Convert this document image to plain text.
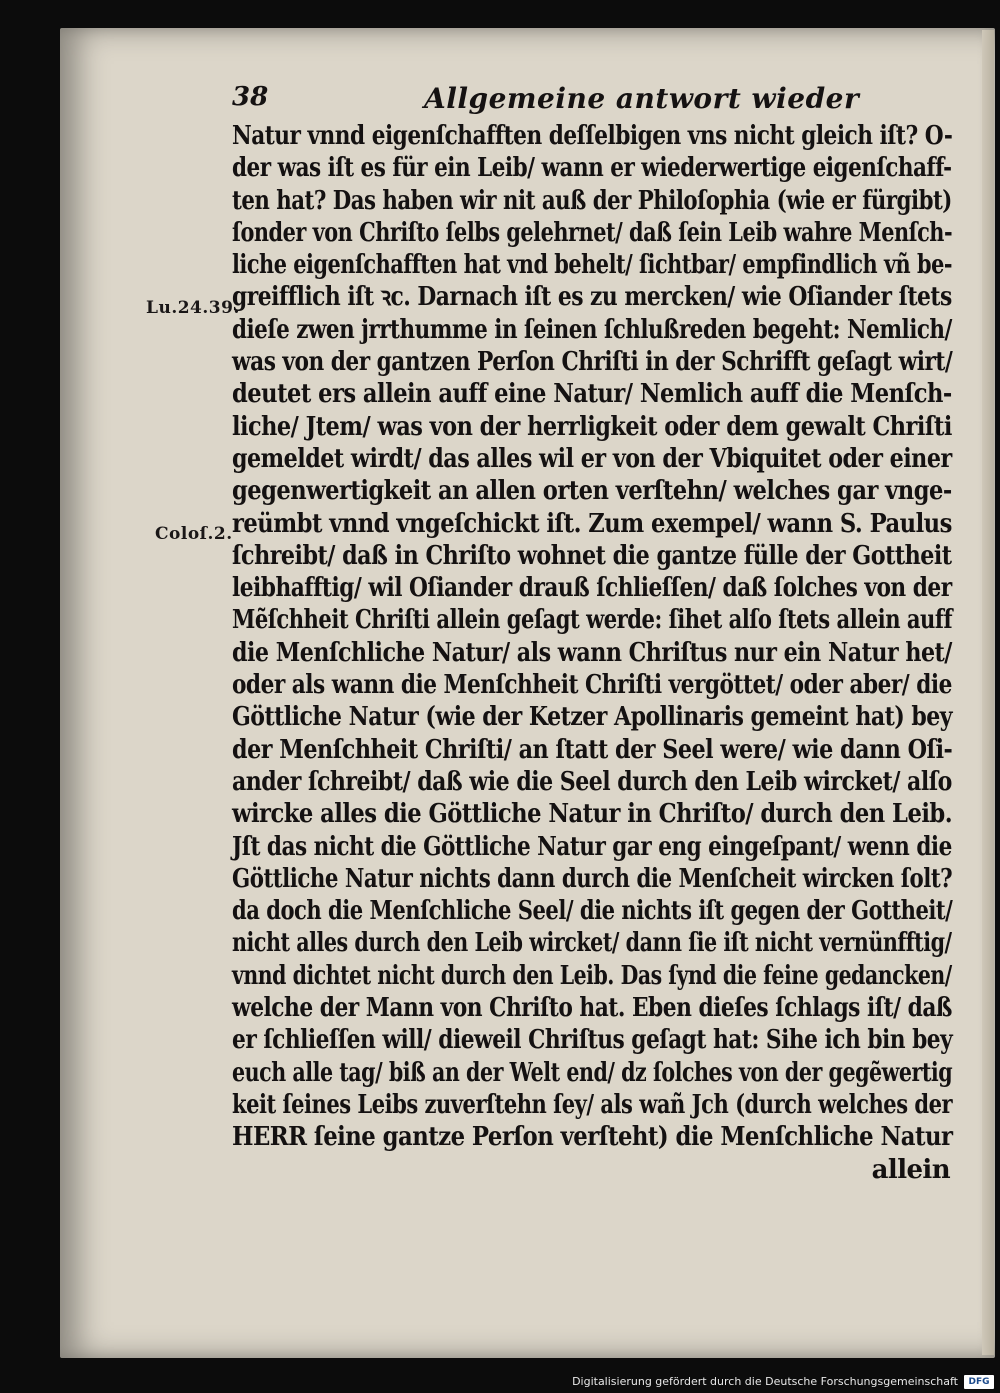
38	Allgemeine antwort wieder
Lu.24.39.
Coloſ.2.
Natur vnnd eigenſchafften deſſelbigen vns nicht gleich iſt? O-
der was iſt es für ein Leib/ wann er wiederwertige eigenſchaff-
ten hat? Das haben wir nit auß der Philoſophia (wie er fürgibt)
ſonder von Chriſto ſelbs gelehrnet/ daß ſein Leib wahre Menſch-
liche eigenſchafften hat vnd behelt/ ſichtbar/ empfindlich vñ be-
greifflich iſt ꝛc. Darnach iſt es zu mercken/ wie Oſiander ſtets
dieſe zwen jrrthumme in ſeinen ſchlußreden begeht: Nemlich/
was von der gantzen Perſon Chriſti in der Schrifft geſagt wirt/
deutet ers allein auff eine Natur/ Nemlich auff die Menſch-
liche/ Jtem/ was von der herrligkeit oder dem gewalt Chriſti
gemeldet wirdt/ das alles wil er von der Vbiquitet oder einer
gegenwertigkeit an allen orten verſtehn/ welches gar vnge-
reümbt vnnd vngeſchickt iſt. Zum exempel/ wann S. Paulus
ſchreibt/ daß in Chriſto wohnet die gantze fülle der Gottheit
leibhafftig/ wil Oſiander drauß ſchlieſſen/ daß ſolches von der
Mẽſchheit Chriſti allein geſagt werde: ſihet alſo ſtets allein auff
die Menſchliche Natur/ als wann Chriſtus nur ein Natur het/
oder als wann die Menſchheit Chriſti vergöttet/ oder aber/ die
Göttliche Natur (wie der Ketzer Apollinaris gemeint hat) bey
der Menſchheit Chriſti/ an ſtatt der Seel were/ wie dann Oſi-
ander ſchreibt/ daß wie die Seel durch den Leib wircket/ alſo
wircke alles die Göttliche Natur in Chriſto/ durch den Leib.
Jſt das nicht die Göttliche Natur gar eng eingeſpant/ wenn die
Göttliche Natur nichts dann durch die Menſcheit wircken ſolt?
da doch die Menſchliche Seel/ die nichts iſt gegen der Gottheit/
nicht alles durch den Leib wircket/ dann ſie iſt nicht vernünfftig/
vnnd dichtet nicht durch den Leib. Das ſynd die feine gedancken/
welche der Mann von Chriſto hat. Eben dieſes ſchlags iſt/ daß
er ſchlieſſen will/ dieweil Chriſtus geſagt hat: Sihe ich bin bey
euch alle tag/ biß an der Welt end/ dz ſolches von der gegẽwertig
keit ſeines Leibs zuverſtehn ſey/ als wañ Jch (durch welches der
HERR ſeine gantze Perſon verſteht) die Menſchliche Natur
allein
Digitalisierung gefördert durch die Deutsche Forschungsgemeinschaft	DFG
